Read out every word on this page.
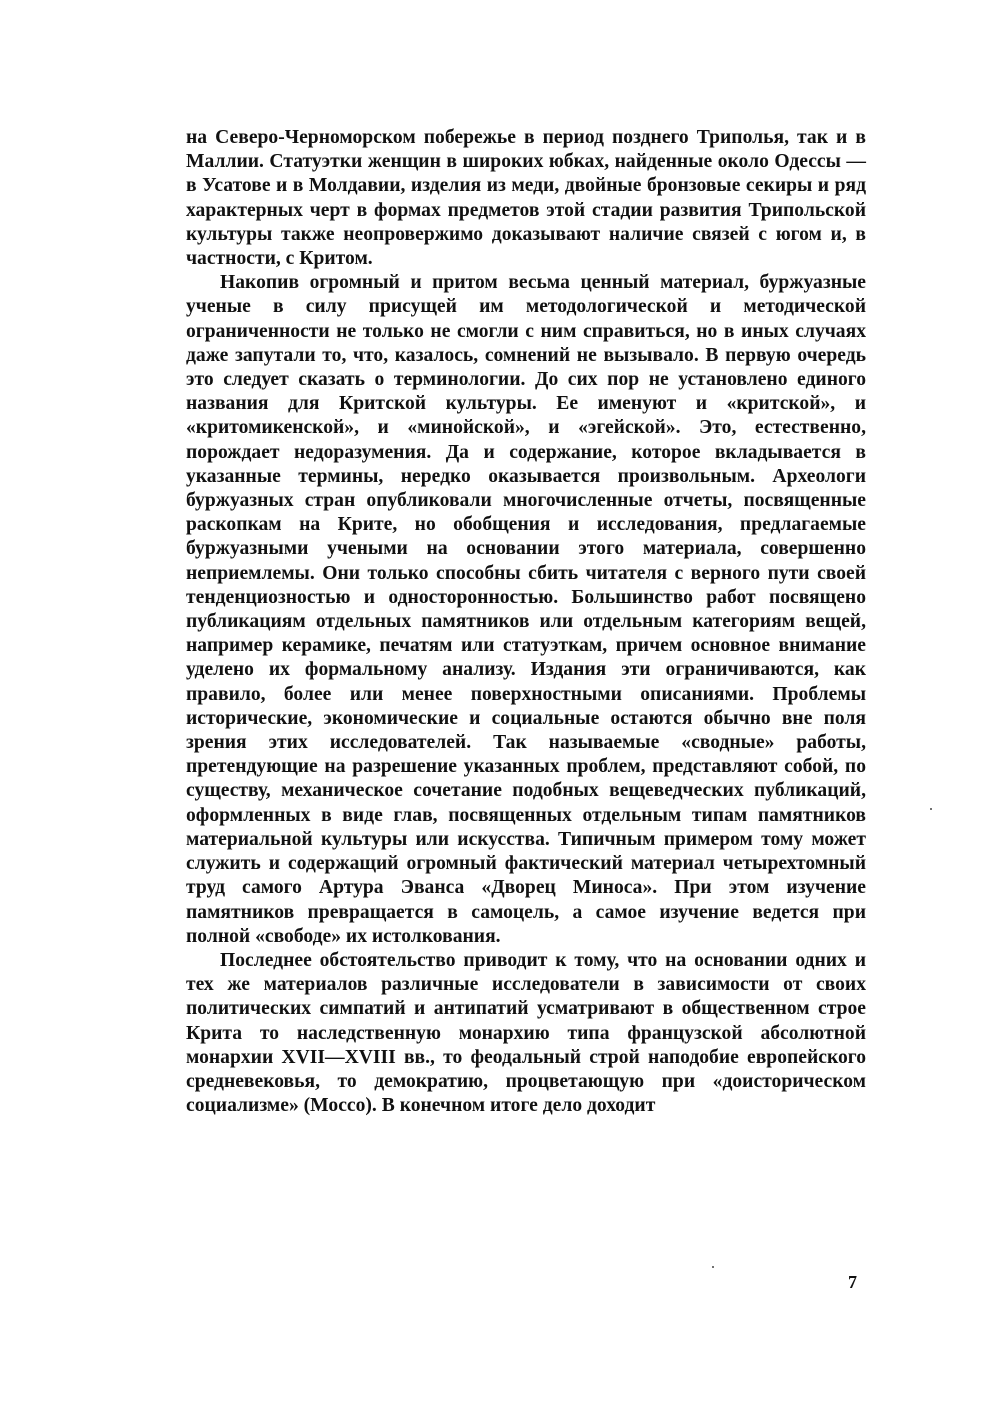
на Северо-Черноморском побережье в период позднего Триполья, так и в Маллии. Статуэтки женщин в широких юбках, найденные около Одессы — в Усатове и в Молдавии, изделия из меди, двойные бронзовые секиры и ряд характерных черт в формах предметов этой стадии развития Трипольской культуры также неопровержимо доказывают наличие связей с югом и, в частности, с Критом.

Накопив огромный и притом весьма ценный материал, буржуазные ученые в силу присущей им методологической и методической ограниченности не только не смогли с ним справиться, но в иных случаях даже запутали то, что, казалось, сомнений не вызывало. В первую очередь это следует сказать о терминологии. До сих пор не установлено единого названия для Критской культуры. Ее именуют и «критской», и «критомикенской», и «минойской», и «эгейской». Это, естественно, порождает недоразумения. Да и содержание, которое вкладывается в указанные термины, нередко оказывается произвольным. Археологи буржуазных стран опубликовали многочисленные отчеты, посвященные раскопкам на Крите, но обобщения и исследования, предлагаемые буржуазными учеными на основании этого материала, совершенно неприемлемы. Они только способны сбить читателя с верного пути своей тенденциозностью и односторонностью. Большинство работ посвящено публикациям отдельных памятников или отдельным категориям вещей, например керамике, печатям или статуэткам, причем основное внимание уделено их формальному анализу. Издания эти ограничиваются, как правило, более или менее поверхностными описаниями. Проблемы исторические, экономические и социальные остаются обычно вне поля зрения этих исследователей. Так называемые «сводные» работы, претендующие на разрешение указанных проблем, представляют собой, по существу, механическое сочетание подобных вещеведческих публикаций, оформленных в виде глав, посвященных отдельным типам памятников материальной культуры или искусства. Типичным примером тому может служить и содержащий огромный фактический материал четырехтомный труд самого Артура Эванса «Дворец Миноса». При этом изучение памятников превращается в самоцель, а самое изучение ведется при полной «свободе» их истолкования.

Последнее обстоятельство приводит к тому, что на основании одних и тех же материалов различные исследователи в зависимости от своих политических симпатий и антипатий усматривают в общественном строе Крита то наследственную монархию типа французской абсолютной монархии XVII—XVIII вв., то феодальный строй наподобие европейского средневековья, то демократию, процветающую при «доисторическом социализме» (Моссо). В конечном итоге дело доходит

7
